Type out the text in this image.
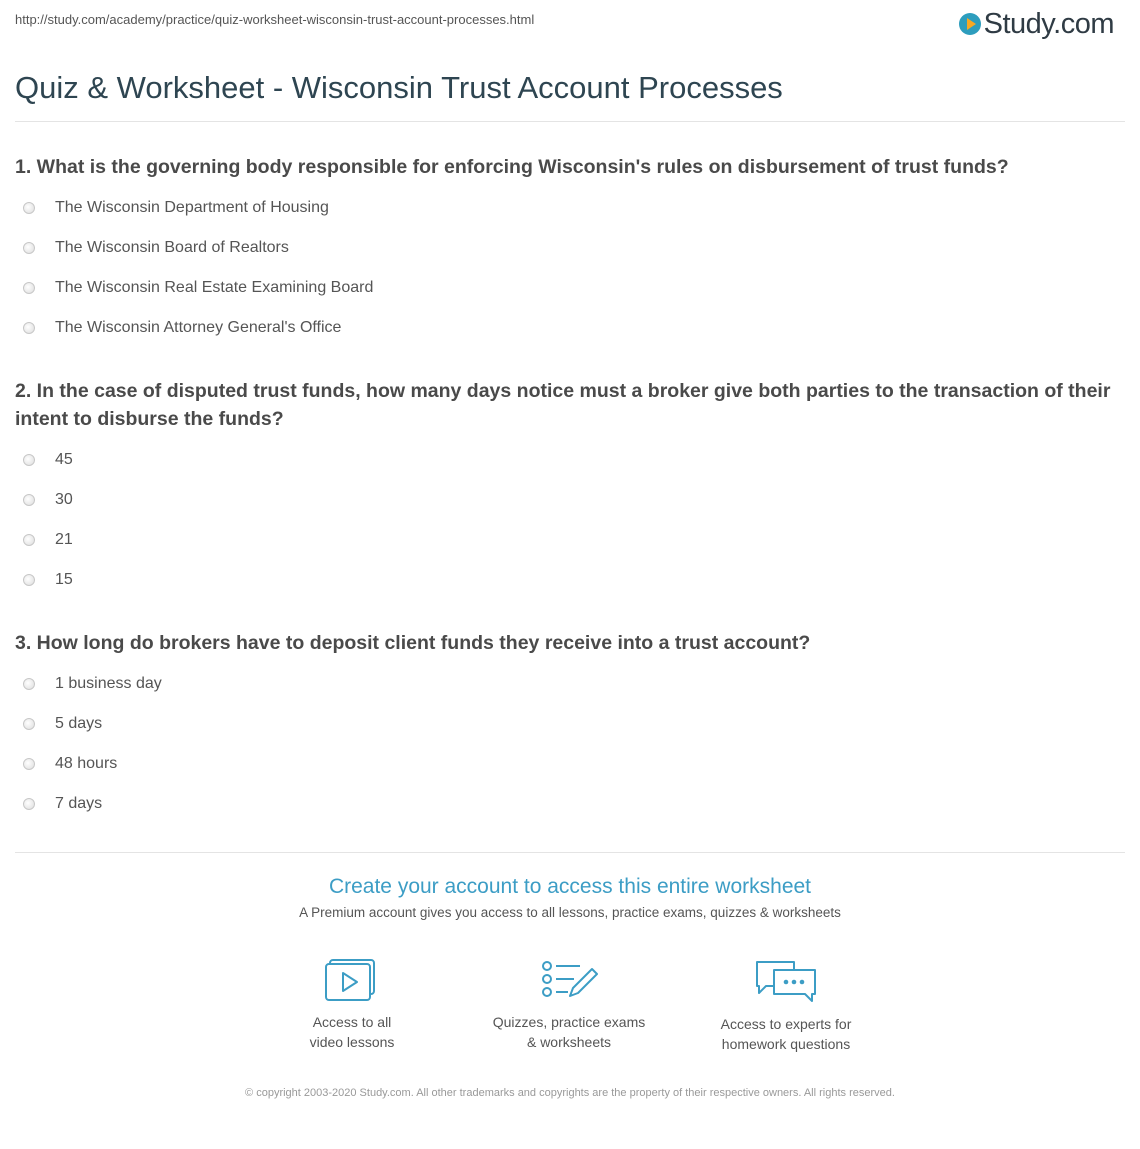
http://study.com/academy/practice/quiz-worksheet-wisconsin-trust-account-processes.html	Study.com
Quiz & Worksheet - Wisconsin Trust Account Processes

1. What is the governing body responsible for enforcing Wisconsin's rules on disbursement of trust funds?

The Wisconsin Department of Housing
The Wisconsin Board of Realtors
The Wisconsin Real Estate Examining Board
The Wisconsin Attorney General's Office

2. In the case of disputed trust funds, how many days notice must a broker give both parties to the transaction of their intent to disburse the funds?

45
30
21
15

3. How long do brokers have to deposit client funds they receive into a trust account?

1 business day
5 days
48 hours
7 days
Create your account to access this entire worksheet
A Premium account gives you access to all lessons, practice exams, quizzes & worksheets
Access to all
video lessons
Quizzes, practice exams
& worksheets
Access to experts for
homework questions
© copyright 2003-2020 Study.com. All other trademarks and copyrights are the property of their respective owners. All rights reserved.
